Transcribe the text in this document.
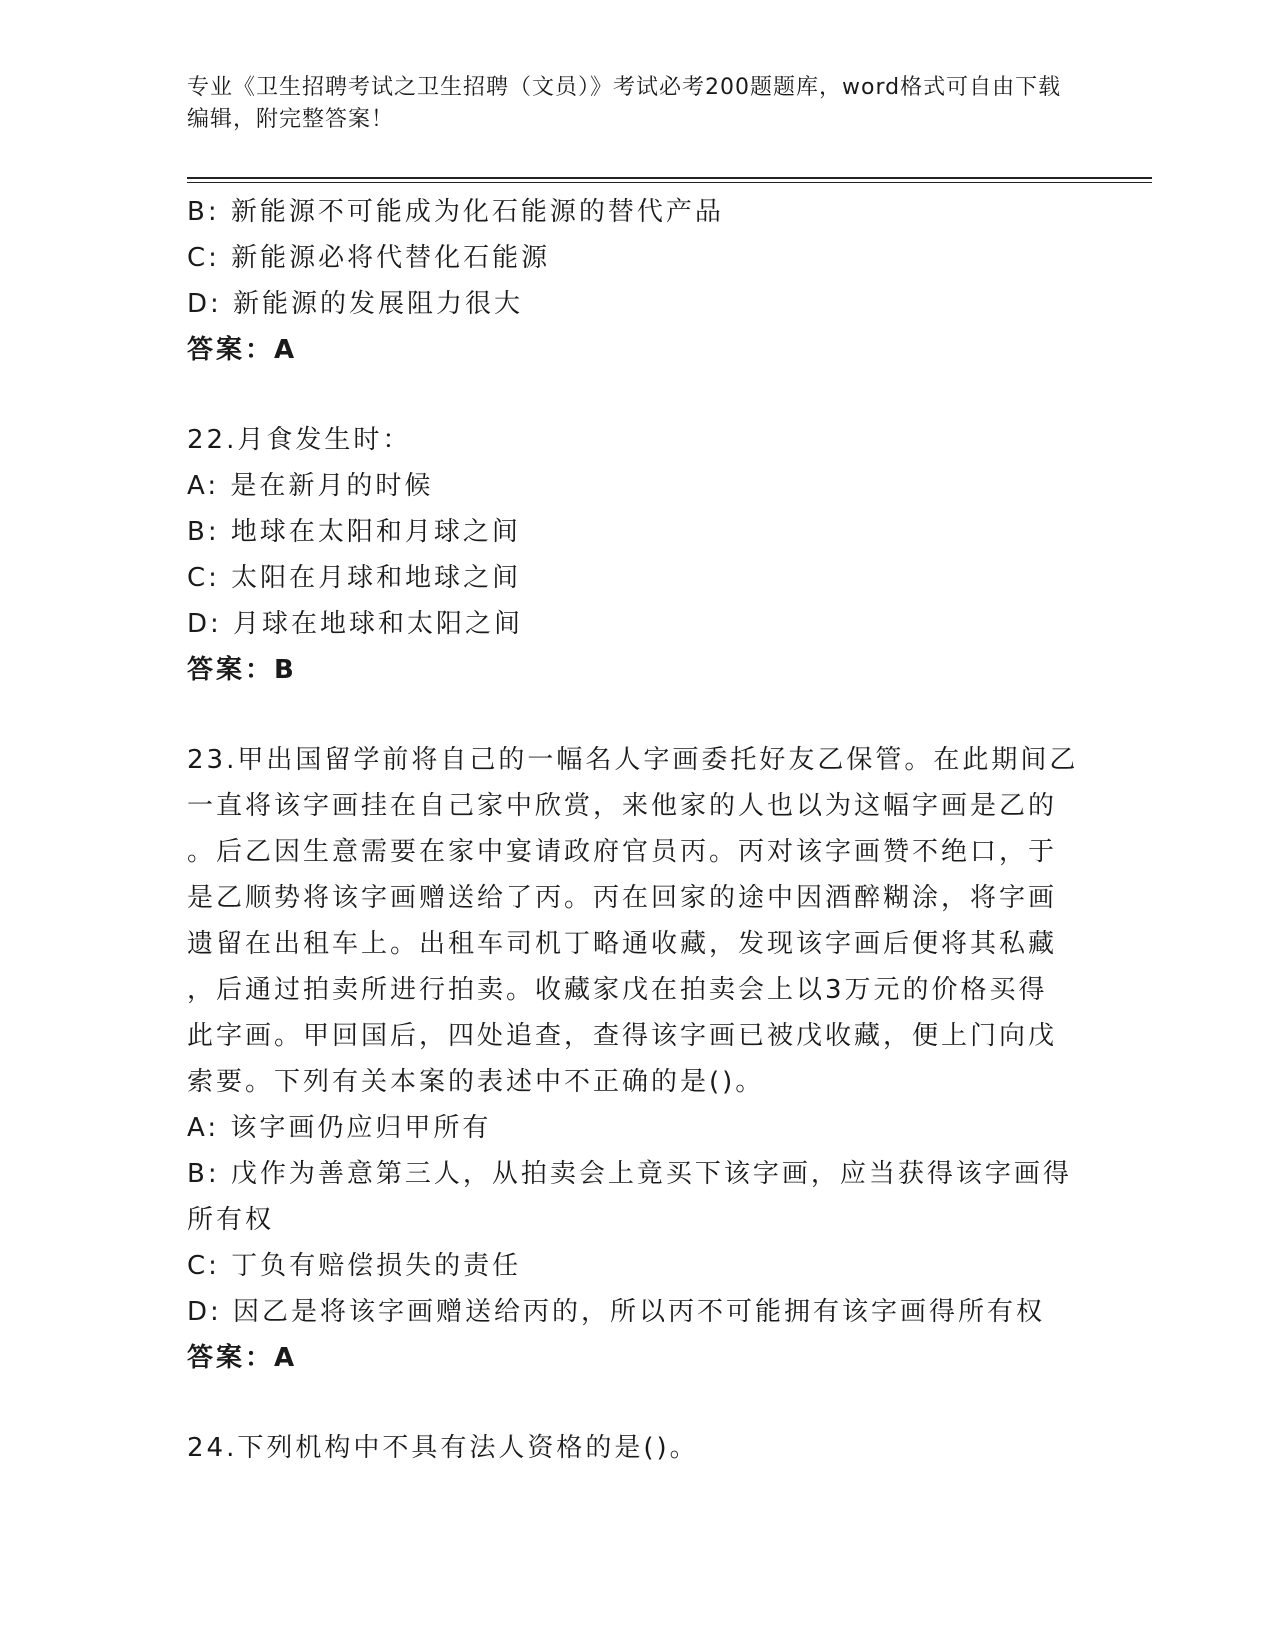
专业《卫生招聘考试之卫生招聘（文员）》考试必考200题题库，word格式可自由下载编辑，附完整答案！
B: 新能源不可能成为化石能源的替代产品
C: 新能源必将代替化石能源
D: 新能源的发展阻力很大
答案：A
22.月食发生时：
A: 是在新月的时候
B: 地球在太阳和月球之间
C: 太阳在月球和地球之间
D: 月球在地球和太阳之间
答案：B
23.甲出国留学前将自己的一幅名人字画委托好友乙保管。在此期间乙
一直将该字画挂在自己家中欣赏，来他家的人也以为这幅字画是乙的
。后乙因生意需要在家中宴请政府官员丙。丙对该字画赞不绝口，于
是乙顺势将该字画赠送给了丙。丙在回家的途中因酒醉糊涂，将字画
遗留在出租车上。出租车司机丁略通收藏，发现该字画后便将其私藏
，后通过拍卖所进行拍卖。收藏家戊在拍卖会上以3万元的价格买得
此字画。甲回国后，四处追查，查得该字画已被戊收藏，便上门向戊
索要。下列有关本案的表述中不正确的是()。
A: 该字画仍应归甲所有
B: 戊作为善意第三人，从拍卖会上竟买下该字画，应当获得该字画得
所有权
C: 丁负有赔偿损失的责任
D: 因乙是将该字画赠送给丙的，所以丙不可能拥有该字画得所有权
答案：A
24.下列机构中不具有法人资格的是()。
